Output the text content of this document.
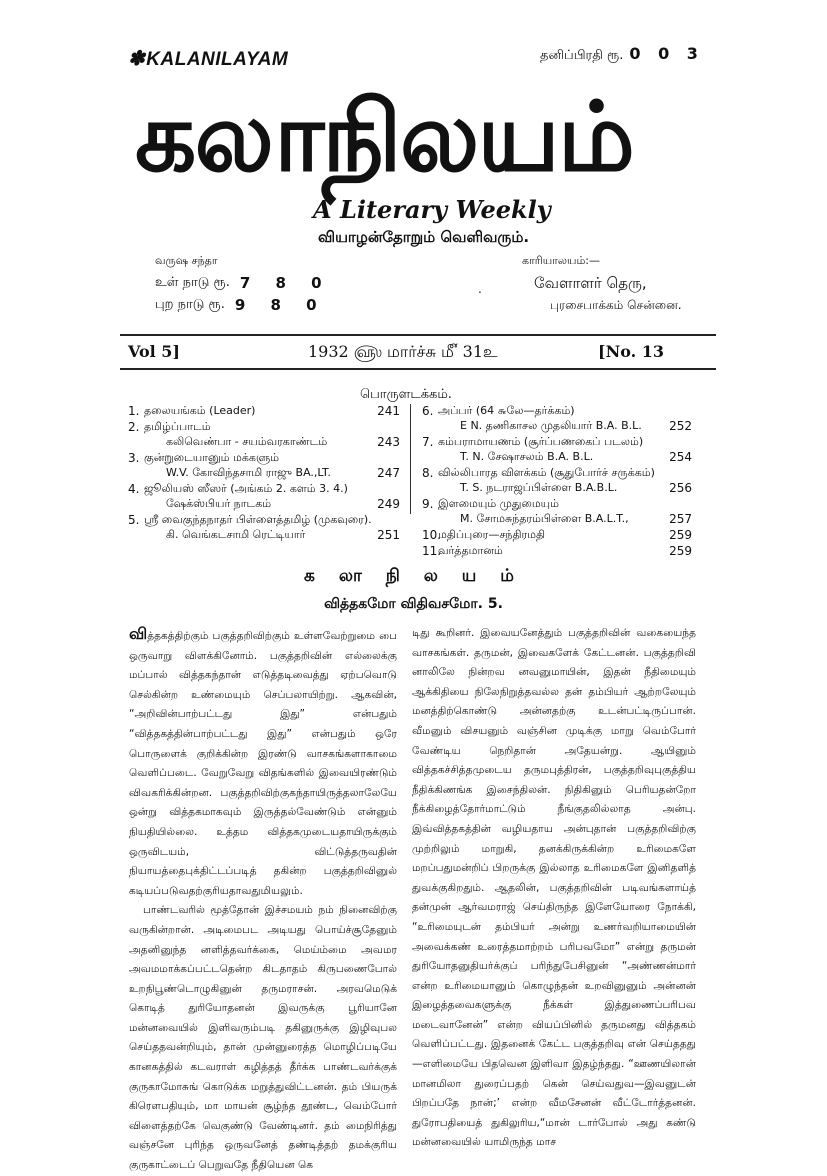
✽KALANILAYAM	தனிப்பிரதி ரூ. 0 0 3
கலாநிலயம்
A Literary Weekly
வியாழன்தோறும் வெளிவரும்.
வருஷ சந்தா
உள் நாடு ரூ. 7 8 0
புற நாடு ரூ. 9 8 0
.
காரியாலயம்:—
வேளாளர் தெரு,
புரசைபாக்கம் சென்னை.
Vol 5]	1932 ௵ மார்ச்சு ௴ 31உ	[No. 13
பொருளடக்கம்.
1. தலையங்கம் (Leader)	241
2. தமிழ்ப்பாடம்
கலிவெண்பா - சயம்வரகாண்டம்	243
3. குன்றுடையானும் மக்களும்
W.V. கோவிந்தசாமி ராஜு BA.,LT.	247
4. ஜூலியஸ் ஸீஸர் (அங்கம் 2. களம் 3. 4.)
ஷேக்ஸ்பியர் நாடகம்	249
5. ஸ்ரீ வைகுந்தநாதர் பிள்ளைத்தமிழ் (முகவுரை).
கி. வெங்கடசாமி ரெட்டியார்	251
6. அப்பர் (64 ௬லே—தர்க்கம்)
E N. தணிகாசல முதலியார் B.A. B.L.	252
7. கம்பராமாயணம் (சூர்ப்பணகைப் படலம்)
T. N. சேஷாசலம் B.A. B.L.	254
8. வில்லிபாரத விளக்கம் (சூதுபோர்ச் சருக்கம்)
T. S. நடராஜப்பிள்ளை B.A.B.L.	256
9. இளமையும் முதுமையும்
M. சோமசுந்தரம்பிள்ளை B.A.L.T.,	257
10.
மதிப்புரை—சந்திரமதி	259
11.
வர்த்தமானம்	259
க லா நி ல ய ம்
வித்தகமோ விதிவசமோ. 5.

வித்தகத்திற்கும் பகுத்தறிவிற்கும் உள்ளவேற்றுமை பை ஒருவாறு விளக்கினோம். பகுத்தறிவின் எல்லைக்கு மப்பால் வித்தகந்தான் எடுத்தடிவைத்து ஏற்பவொடு செல்கின்ற உண்மையும் செப்பலாயிற்று. ஆகவின், “அறிவின்பாற்பட்டது இது” என்பதும் “வித்தகத்தின்பாற்பட்டது இது” என்பதும் ஒரே பொருளைக் குறிக்கின்ற இரண்டு வாசகங்களாகாமை வெளிப்படை. வேறுவேறு விதங்களில் இவையிரண்டும் விவகரிக்கின்றன. பகுத்தறிவிற்குகந்தாயிருத்தலாலேயே ஒன்று வித்தகமாகவும் இருத்தல்வேண்டும் என்னும் நியதியில்லை. உத்தம வித்தகமுடையதாயிருக்கும் ஒருவிடயம், விட்டுத்தருவதின் நியாயத்தைபுக்திட்டப்படித் தகின்ற பகுத்தறிவினுல் கடியப்படுவதற்குரியதாவதுமியலும்.

பாண்டவரில் மூத்தோன் இச்சமயம் நம் நினைவிற்கு வருகின்றான். அடிமைபட அடியது பொய்ச்சூதேனும் அதனினுந்த னளித்தவர்க்கை, மெய்ம்மை அவமர அவமமாக்கப்பட்டதென்ற கிடதாதம் கிருபணைபோல் உறநிபூண்டொழுகினுன் தருமராசன். அரவமெடுக் கொடித் துரியோதனன் இவருக்கு பூரியானே மன்னவையில் இளிவரும்படி தகினுருக்கு இழிவுபல செய்ததவன்றியும், தான் முன்னுரைத்த மொழிப்படியே கானகத்தில் கடவராள் கழித்தத் தீர்க்க பாண்டவர்க்குக் குருகாமோசுங் கொடுக்க மறுத்துவிட்டனன். தம் பியருக் கிரௌபதியும், மா மாயன் சூழ்ந்த தூண்ட, வெம்போர் விளைத்தற்கே வெகுண்டு வேண்டினர். தம் மைநிரித்து வஞ்சனே புரிந்த ஒருவனேத் தண்டித்தற் தமக்குரிய குருகாட்டைப் பெறுவதே நீதியென கெ

டிது கூறினர். இவையனேத்தும் பகுத்தறிவின் வகையைந்த வாசகங்கள். தருமன், இவைகளேக் கேட்டனன். பகுத்தறிவி னாலிலே நின்றவ னவனுமாயின், இதன் நீதிமையும் ஆக்கிதியை நிலேநிறுத்தவல்ல தன் தம்பியர் ஆற்றலேயும் மனத்திற்கொண்டு அன்னதற்கு உடன்பட்டிருப்பான். வீமனும் விசயனும் வஞ்சின முடிக்கு மாறு வெம்போர் வேண்டிய நெறிதான் அதேயன்று. ஆயினும் வித்தகச்சித்தமுடைய தருமபுத்திரன், பகுத்தறிவுபுகுத்திய நீதிக்கிணங்க இசைந்திலன். நிதிகினும் பெரியதன்றோ நீக்கிழைத்தோர்மாட்டும் நீங்குதலில்லாத அன்பு. இவ்வித்தகத்தின் வழியதாய அன்புதான் பகுத்தறிவிற்கு முற்றிலும் மாறுகி, தனக்கிருக்கின்ற உரிமைகளே மறப்பதுமன்றிப் பிறருக்கு இல்லாத உரிமைகளே இனிதளித் துவக்குகிறதும். ஆதலின், பகுத்தறிவின் படிவங்களாய்த் தன்முன் ஆர்வமராஜ் செய்திருந்த இளேயோரை நோக்கி, “உரிமையுடன் தம்பியர் அன்று உணர்வறியாமையின் அவைக்கண் உரைத்தமாற்றம் பரிபவமோ” என்று தருமன் துரியோதனுதியர்க்குப் பரிந்துபேசினுன் “அண்ணன்மார் என்ற உரிமையானும் கொழுந்தன் உறவினுனும் அன்னன் இழைத்தவைகளுக்கு நீக்கள் இத்துணைப்பரிபவ மடைவானேன்” என்ற வியப்பினில் தருமனது வித்தகம் வெளிப்பட்டது. இதனைக் கேட்ட பகுத்தறிவு என் செய்ததது—எளிமையே பிதவென இளிவா இதழ்ந்தது. “ஊணயிலான் மானமிலா துரைப்பதற் கென் செய்வதுவ—இவனுடன் பிறப்பதே நான்;’ என்ற வீமசேனன் வீட்டோர்த்தனன். துரோபதியைத் துகிலுரிய,“மான் டார்போல் அது கண்டு மன்னவையில் யாமிருந்த மாச
